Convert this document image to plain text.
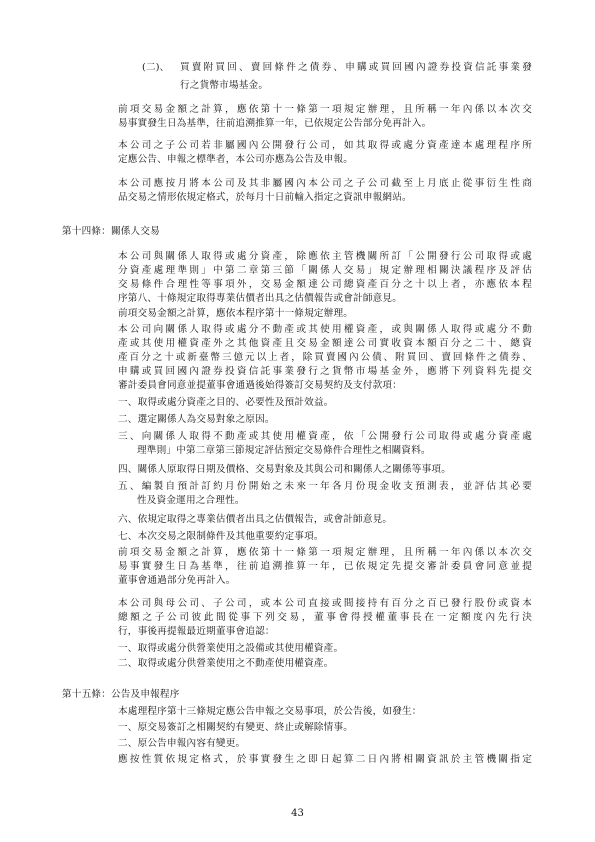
(二)、 買賣附買回、賣回條件之債券、申購或買回國內證券投資信託事業發
行之貨幣市場基金。
前項交易金額之計算，應依第十一條第一項規定辦理，且所稱一年內係以本次交
易事實發生日為基準，往前追溯推算一年，已依規定公告部分免再計入。
本公司之子公司若非屬國內公開發行公司，如其取得或處分資產達本處理程序所
定應公告、申報之標準者，本公司亦應為公告及申報。
本公司應按月將本公司及其非屬國內本公司之子公司截至上月底止從事衍生性商
品交易之情形依規定格式，於每月十日前輸入指定之資訊申報網站。
第十四條：關係人交易
本公司與關係人取得或處分資產，除應依主管機關所訂「公開發行公司取得或處
分資產處理準則」中第二章第三節「關係人交易」規定辦理相關決議程序及評估
交易條件合理性等事項外，交易金額達公司總資產百分之十以上者，亦應依本程
序第八、十條規定取得專業估價者出具之估價報告或會計師意見。
前項交易金額之計算，應依本程序第十一條規定辦理。
本公司向關係人取得或處分不動產或其使用權資產，或與關係人取得或處分不動
產或其使用權資產外之其他資產且交易金額達公司實收資本額百分之二十、總資
產百分之十或新臺幣三億元以上者，除買賣國內公債、附買回、賣回條件之債券、
申購或買回國內證券投資信託事業發行之貨幣市場基金外，應將下列資料先提交
審計委員會同意並提董事會通過後始得簽訂交易契約及支付款項：
一、取得或處分資產之目的、必要性及預計效益。
二、選定關係人為交易對象之原因。
三、向關係人取得不動產或其使用權資產，依「公開發行公司取得或處分資產處
理準則」中第二章第三節規定評估預定交易條件合理性之相關資料。
四、關係人原取得日期及價格、交易對象及其與公司和關係人之關係等事項。
五、編製自預計訂約月份開始之未來一年各月份現金收支預測表，並評估其必要
性及資金運用之合理性。
六、依規定取得之專業估價者出具之估價報告，或會計師意見。
七、本次交易之限制條件及其他重要約定事項。
前項交易金額之計算，應依第十一條第一項規定辦理，且所稱一年內係以本次交
易事實發生日為基準，往前追溯推算一年，已依規定先提交審計委員會同意並提
董事會通過部分免再計入。
本公司與母公司、子公司，或本公司直接或間接持有百分之百已發行股份或資本
總額之子公司彼此間從事下列交易，董事會得授權董事長在一定額度內先行決
行，事後再提報最近期董事會追認：
一、取得或處分供營業使用之設備或其使用權資產。
二、取得或處分供營業使用之不動產使用權資產。
第十五條：公告及申報程序
本處理程序第十三條規定應公告申報之交易事項，於公告後，如發生：
一、原交易簽訂之相關契約有變更、終止或解除情事。
二、原公告申報內容有變更。
應按性質依規定格式，於事實發生之即日起算二日內將相關資訊於主管機關指定
43
